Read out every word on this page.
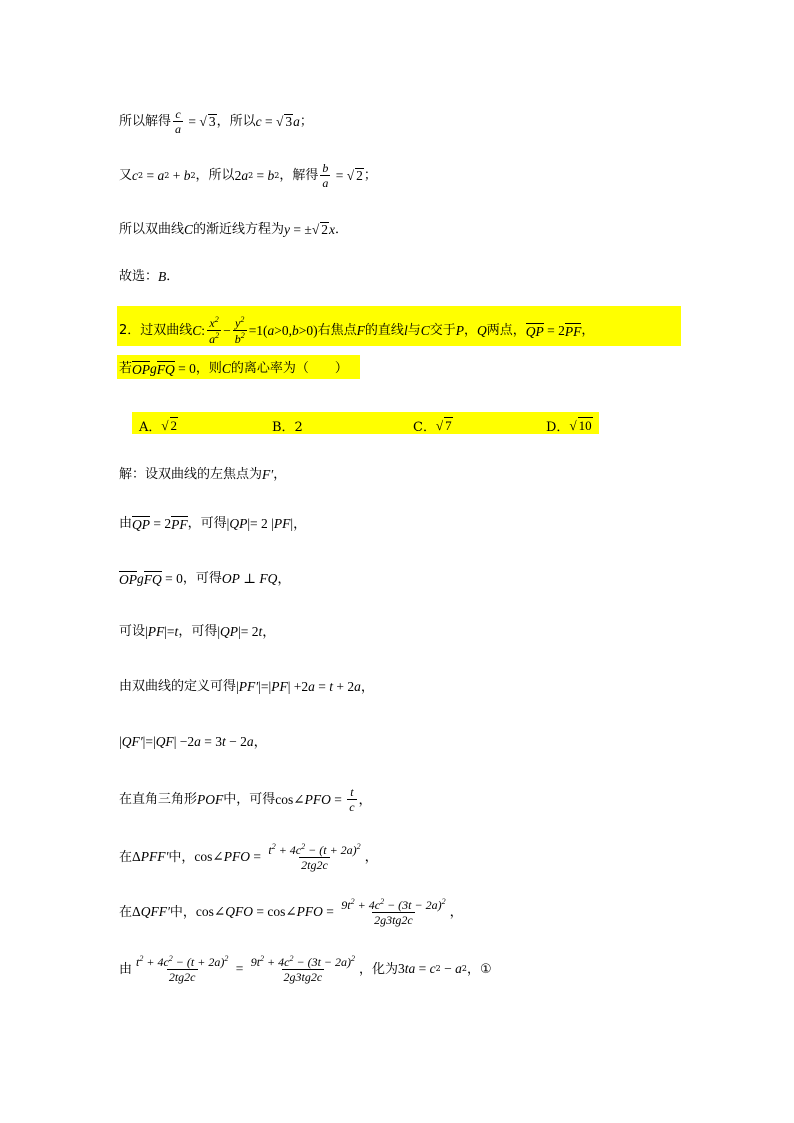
所以解得 $\frac{c}{a}$ = √ 3 ，所以 c = √ 3 a ；
又 c 2 = a 2 + b 2 ，所以 2 a 2 = b 2 ，解得 $\frac{b}{a}$ = √ 2 ；
所以双曲线 C 的渐近线方程为 y = ±√ 2 x ．
故选： B ．
2．过双曲线 C : $\frac{x^2}{a^2} - \frac{y^2}{b^2} =1$( a >0, b >0) 右焦点 F 的直线 l 与 C 交于 P ， Q 两点， QP = 2 PF ，
若 OP g FQ = 0 ，则 C 的离心率为（　　）
A． √ 2	B．2	C． √ 7	D． √ 10
解：设双曲线的左焦点为 F′ ，
由 QP = 2 PF ，可得 | QP |= 2 | PF |，
OP g FQ = 0 ，可得 OP ⊥ FQ ，
可设 | PF |= t ，可得 | QP |= 2 t ，
由双曲线的定义可得 | PF′ |=| PF | +2 a = t + 2 a ，
| QF′ |=| QF | −2 a = 3 t − 2 a ，
在直角三角形 POF 中，可得 cos∠ PFO = $\frac{t}{c}$ ，
在 Δ PFF′ 中， cos∠ PFO = $\frac{t^2 + 4c^2 - (t + 2a)^2}{2tg2c}$ ，
在 Δ QFF′ 中， cos∠ QFO = cos∠ PFO = $\frac{9t^2 + 4c^2 - (3t - 2a)^2}{2g3tg2c}$ ，
由 $\frac{t^2 + 4c^2 - (t + 2a)^2}{2tg2c} = \frac{9t^2 + 4c^2 - (3t - 2a)^2}{2g3tg2c}$ ，化为 3 ta = c 2 − a 2 ，①
